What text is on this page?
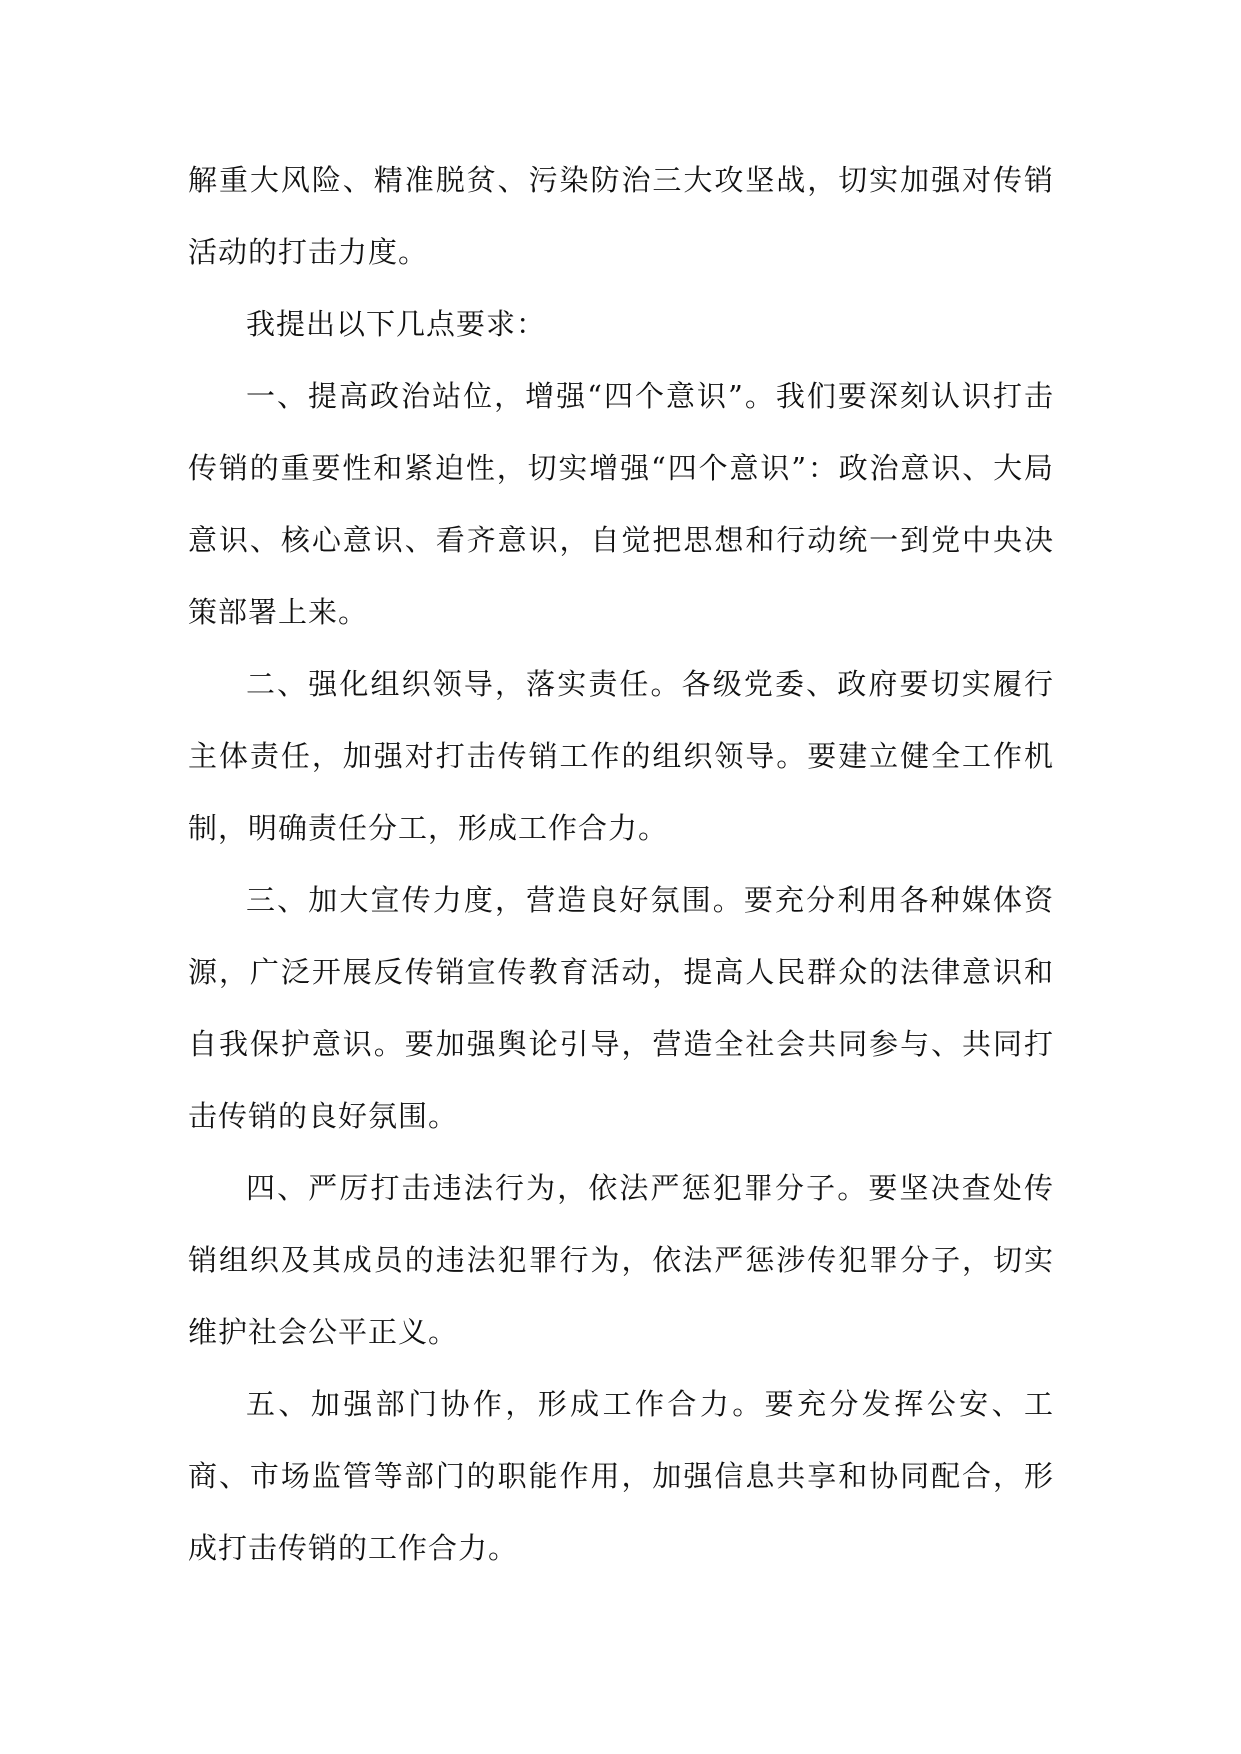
解重大风险、精准脱贫、污染防治三大攻坚战，切实加强对传销活动的打击力度。

我提出以下几点要求：

一、提高政治站位，增强“四个意识”。我们要深刻认识打击传销的重要性和紧迫性，切实增强“四个意识”：政治意识、大局意识、核心意识、看齐意识，自觉把思想和行动统一到党中央决策部署上来。

二、强化组织领导，落实责任。各级党委、政府要切实履行主体责任，加强对打击传销工作的组织领导。要建立健全工作机制，明确责任分工，形成工作合力。

三、加大宣传力度，营造良好氛围。要充分利用各种媒体资源，广泛开展反传销宣传教育活动，提高人民群众的法律意识和自我保护意识。要加强舆论引导，营造全社会共同参与、共同打击传销的良好氛围。

四、严厉打击违法行为，依法严惩犯罪分子。要坚决查处传销组织及其成员的违法犯罪行为，依法严惩涉传犯罪分子，切实维护社会公平正义。

五、加强部门协作，形成工作合力。要充分发挥公安、工商、市场监管等部门的职能作用，加强信息共享和协同配合，形成打击传销的工作合力。
